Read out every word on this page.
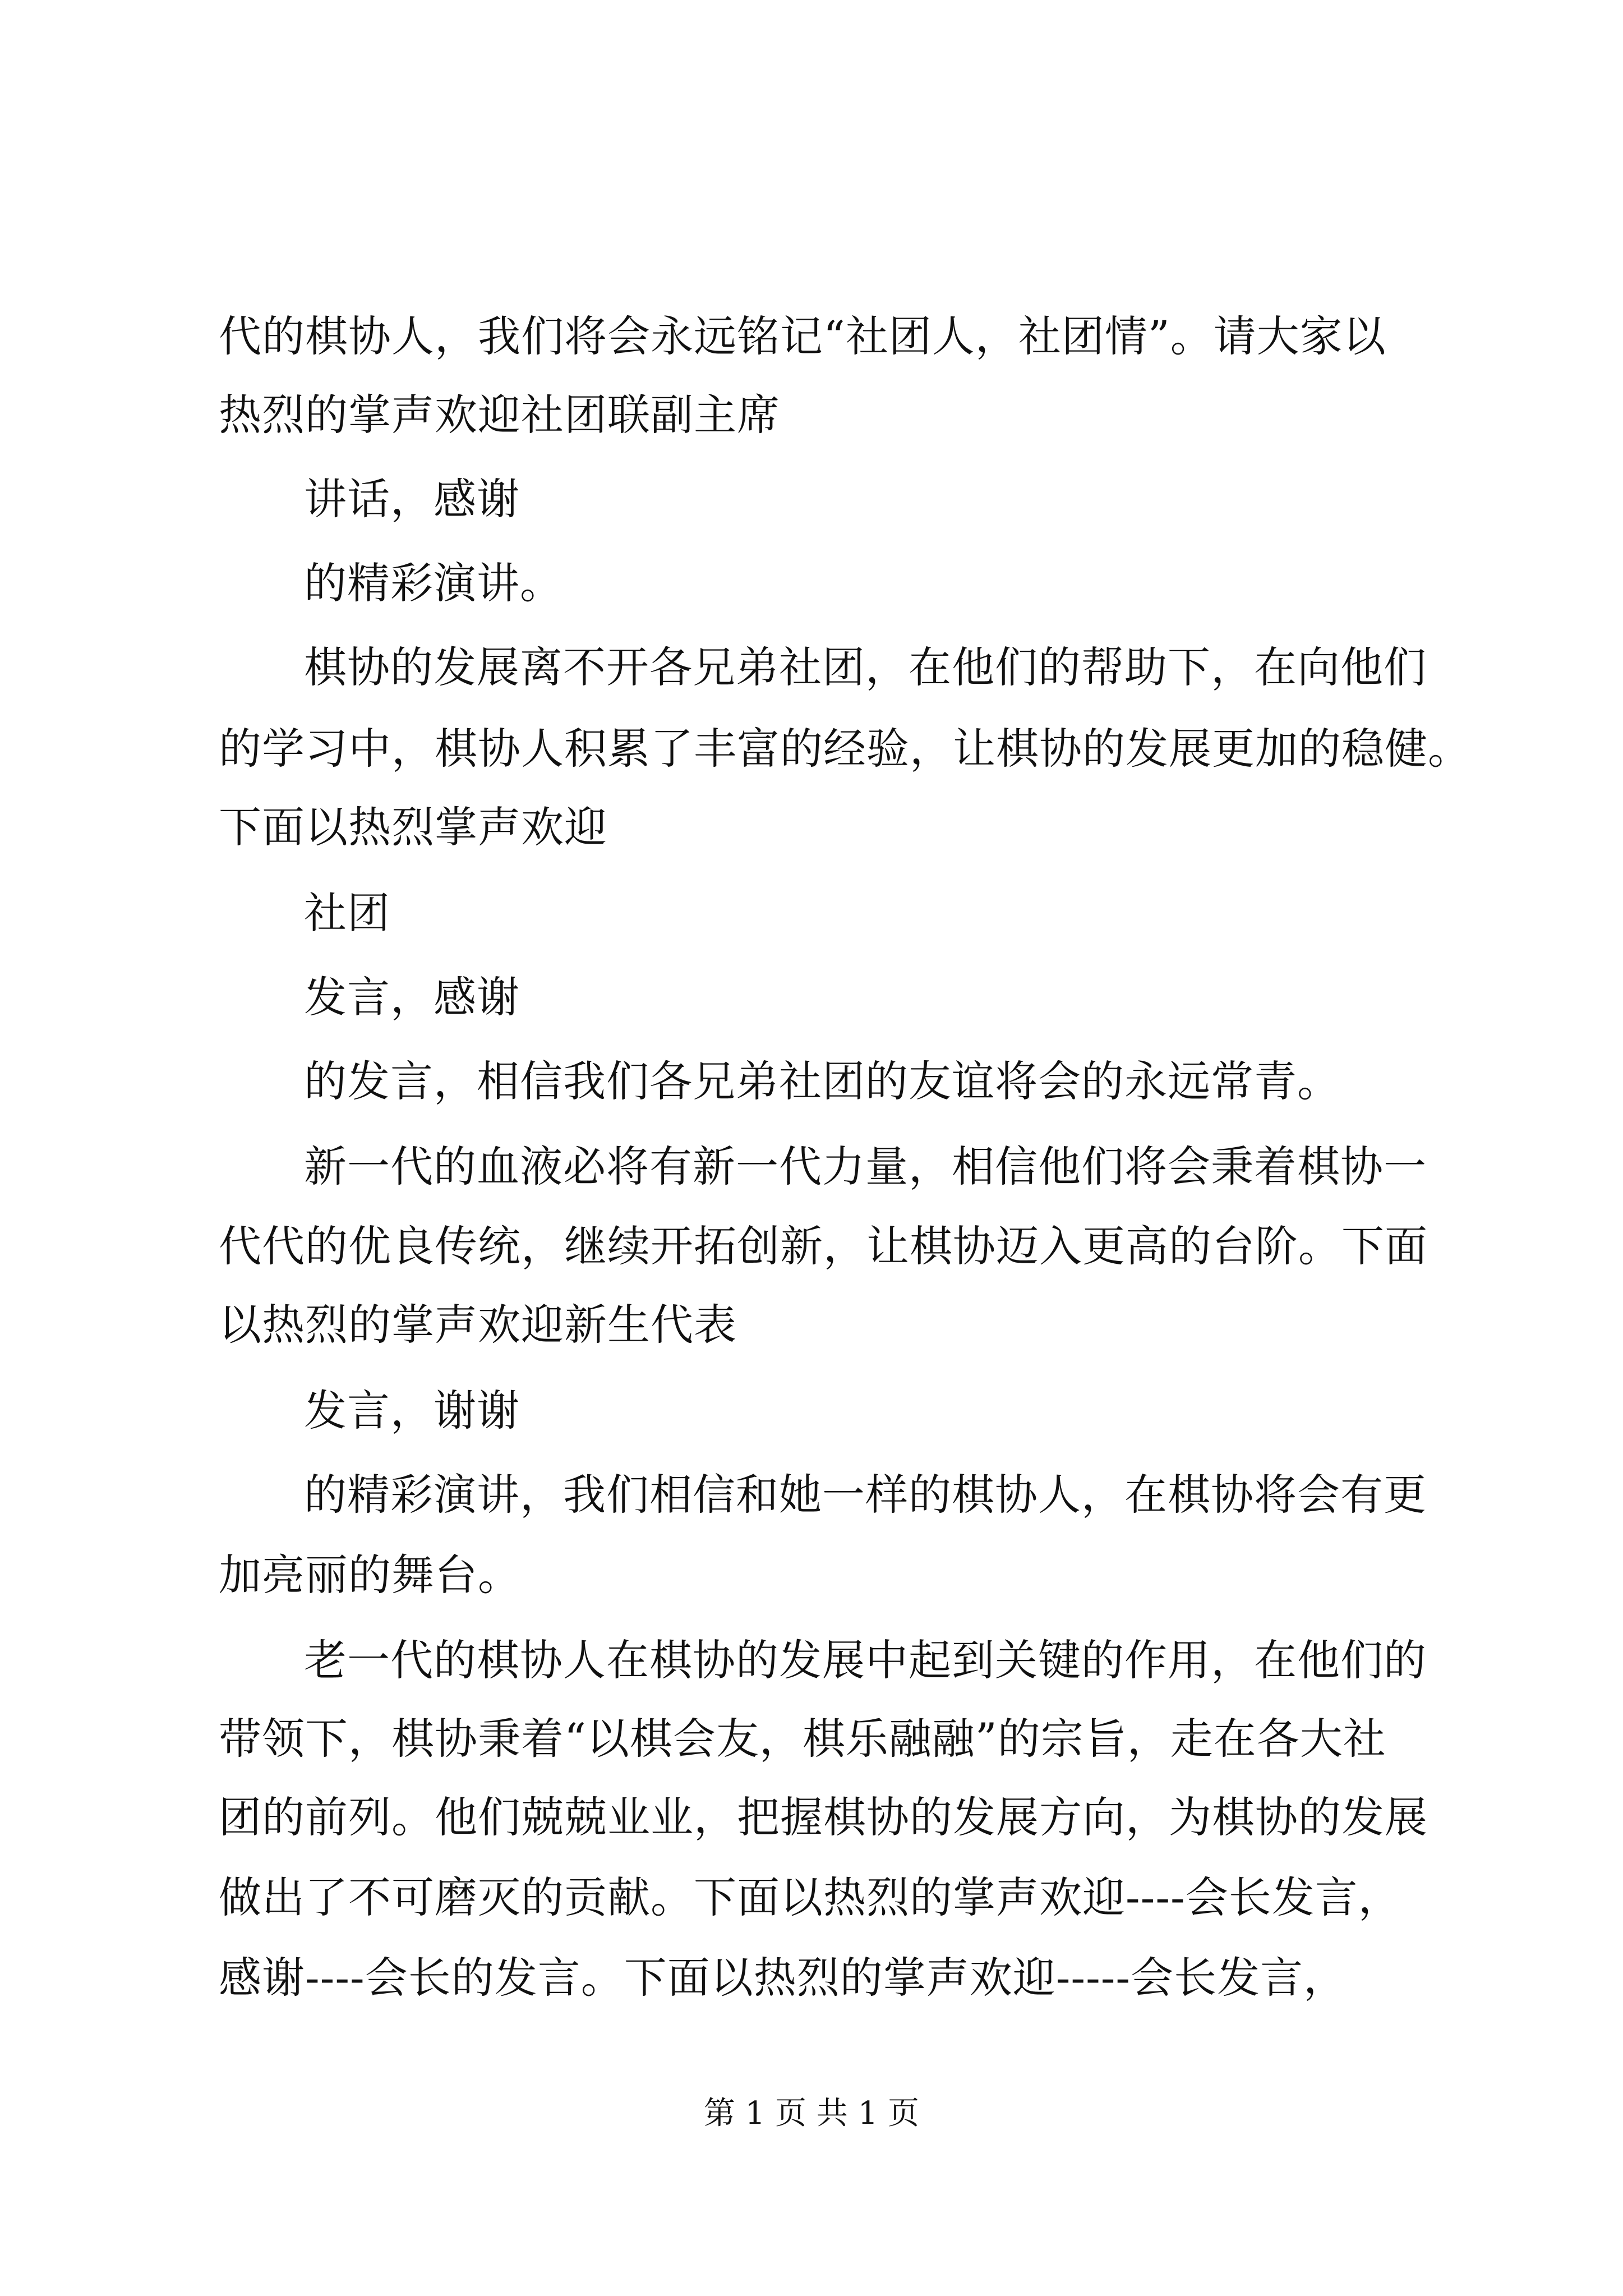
代的棋协人，我们将会永远铭记“社团人，社团情”。请大家以
热烈的掌声欢迎社团联副主席
讲话，感谢
的精彩演讲。
棋协的发展离不开各兄弟社团，在他们的帮助下，在向他们
的学习中，棋协人积累了丰富的经验，让棋协的发展更加的稳健。
下面以热烈掌声欢迎
社团
发言，感谢
的发言，相信我们各兄弟社团的友谊将会的永远常青。
新一代的血液必将有新一代力量，相信他们将会秉着棋协一
代代的优良传统，继续开拓创新，让棋协迈入更高的台阶。下面
以热烈的掌声欢迎新生代表
发言，谢谢
的精彩演讲，我们相信和她一样的棋协人，在棋协将会有更
加亮丽的舞台。
老一代的棋协人在棋协的发展中起到关键的作用，在他们的
带领下，棋协秉着“以棋会友，棋乐融融”的宗旨，走在各大社
团的前列。他们兢兢业业，把握棋协的发展方向，为棋协的发展
做出了不可磨灭的贡献。下面以热烈的掌声欢迎----会长发言，
感谢----会长的发言。下面以热烈的掌声欢迎-----会长发言，
第 1 页 共 1 页
